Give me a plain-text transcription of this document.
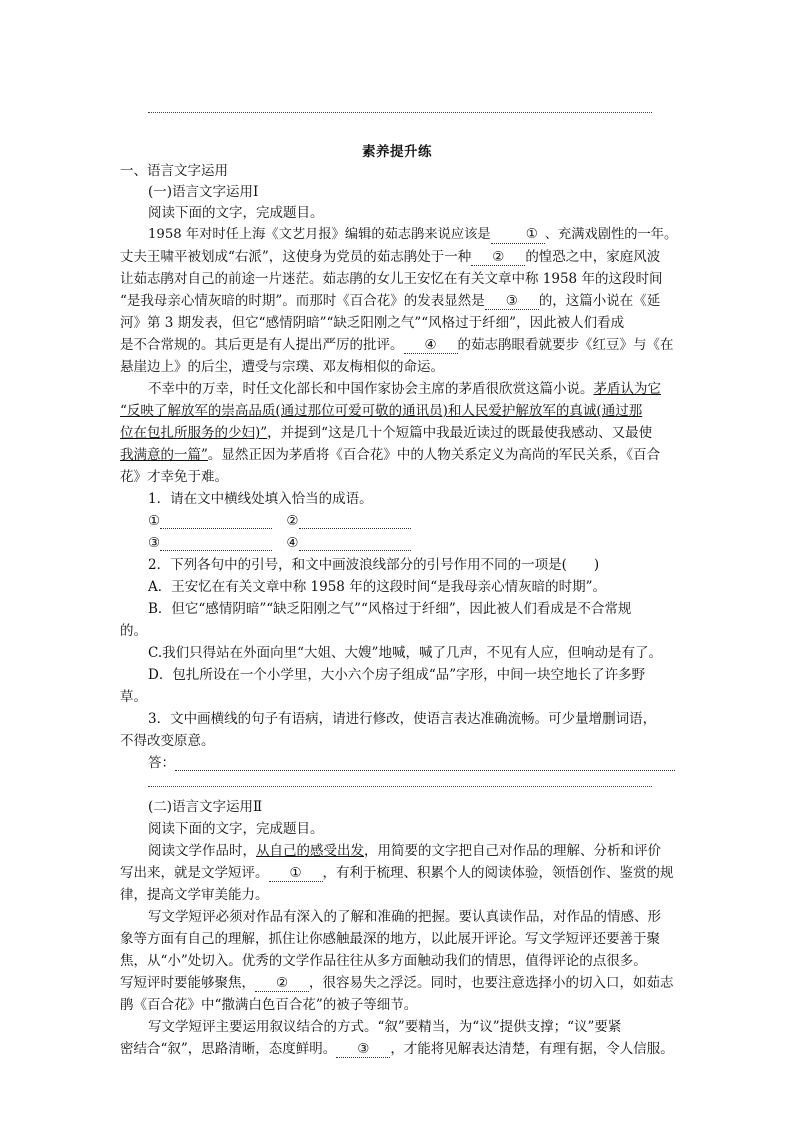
素养提升练
一、语言文字运用
(一)语言文字运用Ⅰ
阅读下面的文字，完成题目。
1958 年对时任上海《文艺月报》编辑的茹志鹃来说应该是	① 、充满戏剧性的一年。
丈夫王啸平被划成“右派”，这使身为党员的茹志鹃处于一种 ② 的惶恐之中，家庭风波
让茹志鹃对自己的前途一片迷茫。茹志鹃的女儿王安忆在有关文章中称 1958 年的这段时间
“是我母亲心情灰暗的时期”。而那时《百合花》的发表显然是 ③ 的，这篇小说在《延
河》第 3 期发表，但它“感情阴暗”“缺乏阳刚之气”“风格过于纤细”，因此被人们看成
是不合常规的。其后更是有人提出严厉的批评。 ④ 的茹志鹃眼看就要步《红豆》与《在
悬崖边上》的后尘，遭受与宗璞、邓友梅相似的命运。
不幸中的万幸，时任文化部长和中国作家协会主席的茅盾很欣赏这篇小说。茅盾认为它
“反映了解放军的崇高品质(通过那位可爱可敬的通讯员)和人民爱护解放军的真诚(通过那
位在包扎所服务的少妇)”，并提到“这是几十个短篇中我最近读过的既最使我感动、又最使
我满意的一篇”。显然正因为茅盾将《百合花》中的人物关系定义为高尚的军民关系，《百合
花》才幸免于难。
1．请在文中横线处填入恰当的成语。
①	②
③	④
2．下列各句中的引号，和文中画波浪线部分的引号作用不同的一项是(　　)
A．王安忆在有关文章中称 1958 年的这段时间“是我母亲心情灰暗的时期”。
B．但它“感情阴暗”“缺乏阳刚之气”“风格过于纤细”，因此被人们看成是不合常规
的。
C.我们只得站在外面向里“大姐、大嫂”地喊，喊了几声，不见有人应，但响动是有了。
D．包扎所设在一个小学里，大小六个房子组成“品”字形，中间一块空地长了许多野
草。
3．文中画横线的句子有语病，请进行修改，使语言表达准确流畅。可少量增删词语，
不得改变原意。
答：
(二)语言文字运用Ⅱ
阅读下面的文字，完成题目。
阅读文学作品时，从自己的感受出发，用简要的文字把自己对作品的理解、分析和评价
写出来，就是文学短评。 ① ，有利于梳理、积累个人的阅读体验，领悟创作、鉴赏的规
律，提高文学审美能力。
写文学短评必须对作品有深入的了解和准确的把握。要认真读作品，对作品的情感、形
象等方面有自己的理解，抓住让你感触最深的地方，以此展开评论。写文学短评还要善于聚
焦，从“小”处切入。优秀的文学作品往往从多方面触动我们的情思，值得评论的点很多。
写短评时要能够聚焦， ② ，很容易失之浮泛。同时，也要注意选择小的切入口，如茹志
鹃《百合花》中“撒满白色百合花”的被子等细节。
写文学短评主要运用叙议结合的方式。“叙”要精当，为“议”提供支撑；“议”要紧
密结合“叙”，思路清晰，态度鲜明。 ③ ，才能将见解表达清楚，有理有据，令人信服。
